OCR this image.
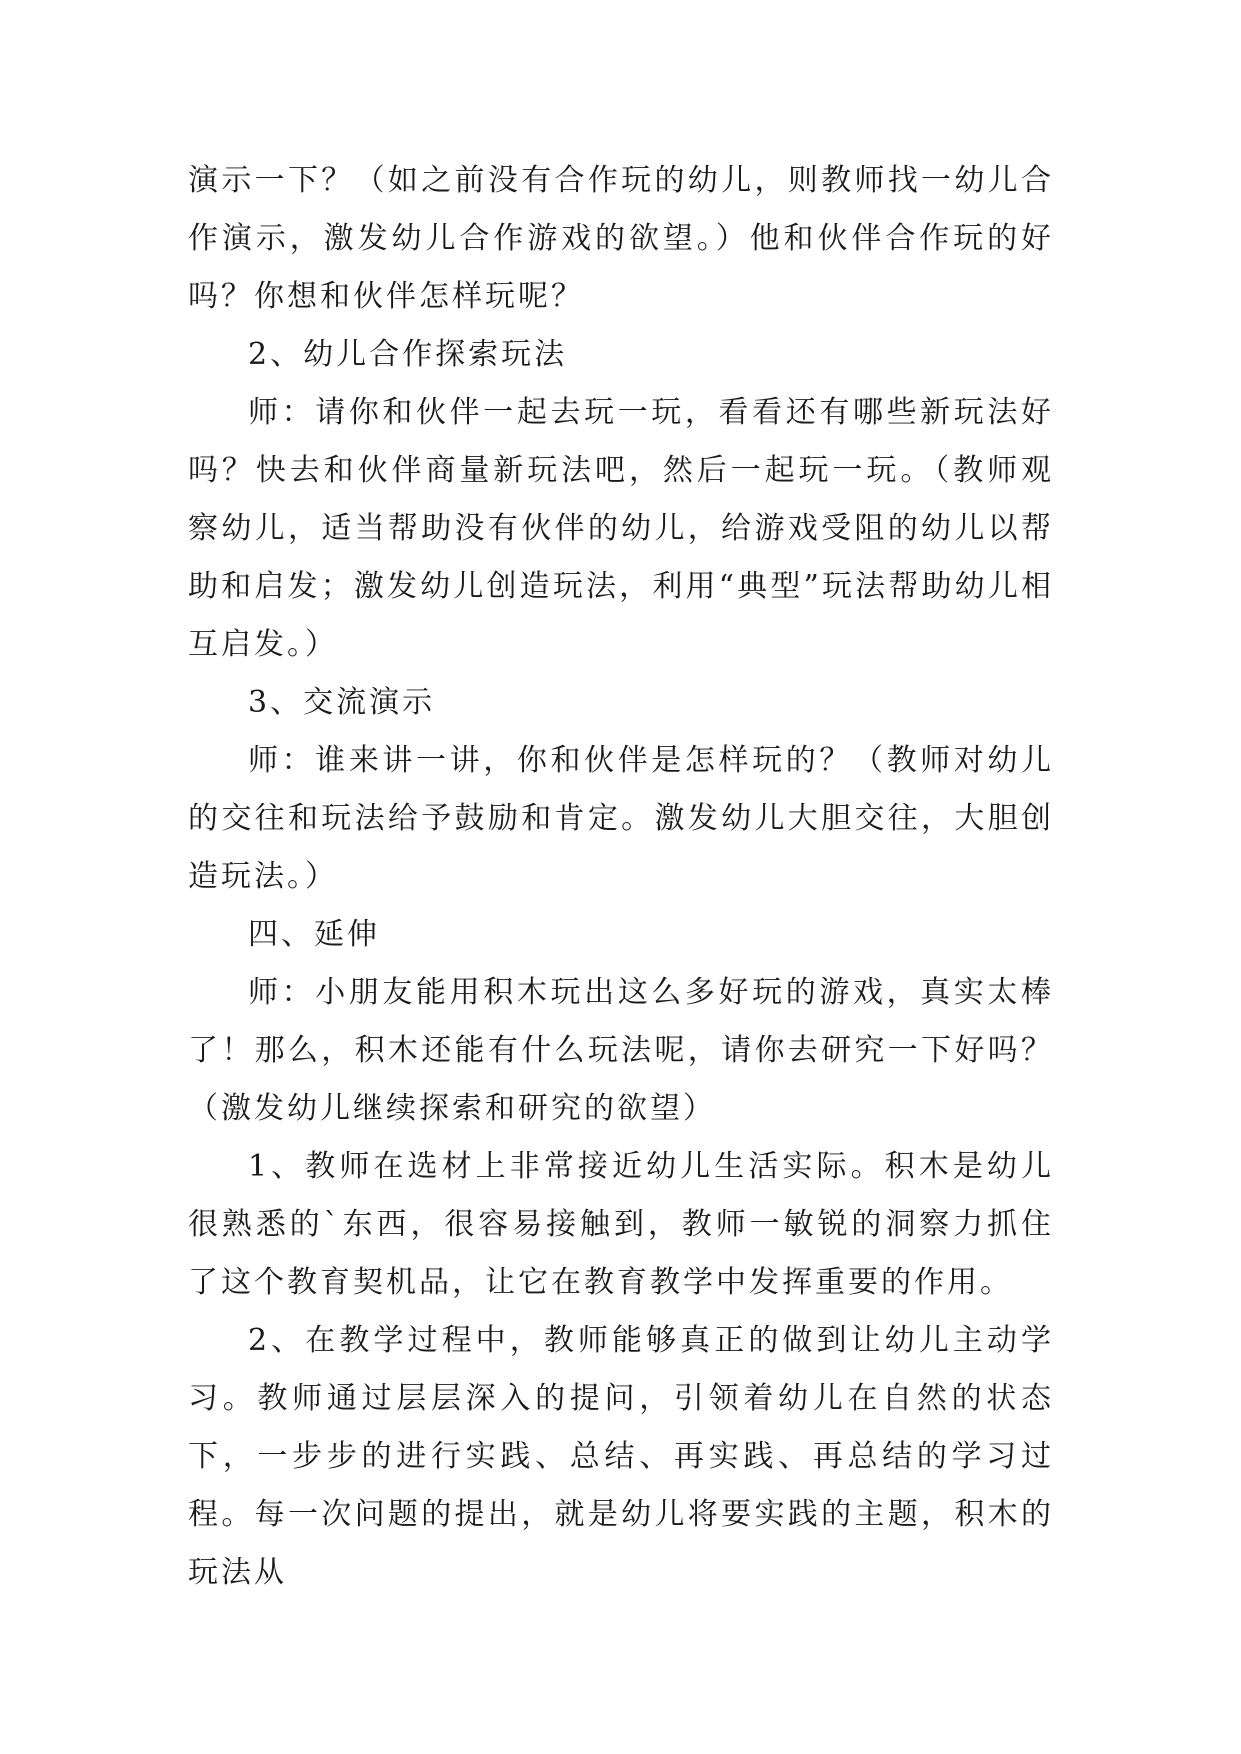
演示一下？（如之前没有合作玩的幼儿，则教师找一幼儿合作演示，激发幼儿合作游戏的欲望。）他和伙伴合作玩的好吗？你想和伙伴怎样玩呢？

2、幼儿合作探索玩法

师：请你和伙伴一起去玩一玩，看看还有哪些新玩法好吗？快去和伙伴商量新玩法吧，然后一起玩一玩。（教师观察幼儿，适当帮助没有伙伴的幼儿，给游戏受阻的幼儿以帮助和启发；激发幼儿创造玩法，利用“典型”玩法帮助幼儿相互启发。）

3、交流演示

师：谁来讲一讲，你和伙伴是怎样玩的？（教师对幼儿的交往和玩法给予鼓励和肯定。激发幼儿大胆交往，大胆创造玩法。）

四、延伸

师：小朋友能用积木玩出这么多好玩的游戏，真实太棒了！那么，积木还能有什么玩法呢，请你去研究一下好吗？（激发幼儿继续探索和研究的欲望）

1、教师在选材上非常接近幼儿生活实际。积木是幼儿很熟悉的`东西，很容易接触到，教师一敏锐的洞察力抓住了这个教育契机品，让它在教育教学中发挥重要的作用。

2、在教学过程中，教师能够真正的做到让幼儿主动学习。教师通过层层深入的提问，引领着幼儿在自然的状态下，一步步的进行实践、总结、再实践、再总结的学习过程。每一次问题的提出，就是幼儿将要实践的主题，积木的玩法从
